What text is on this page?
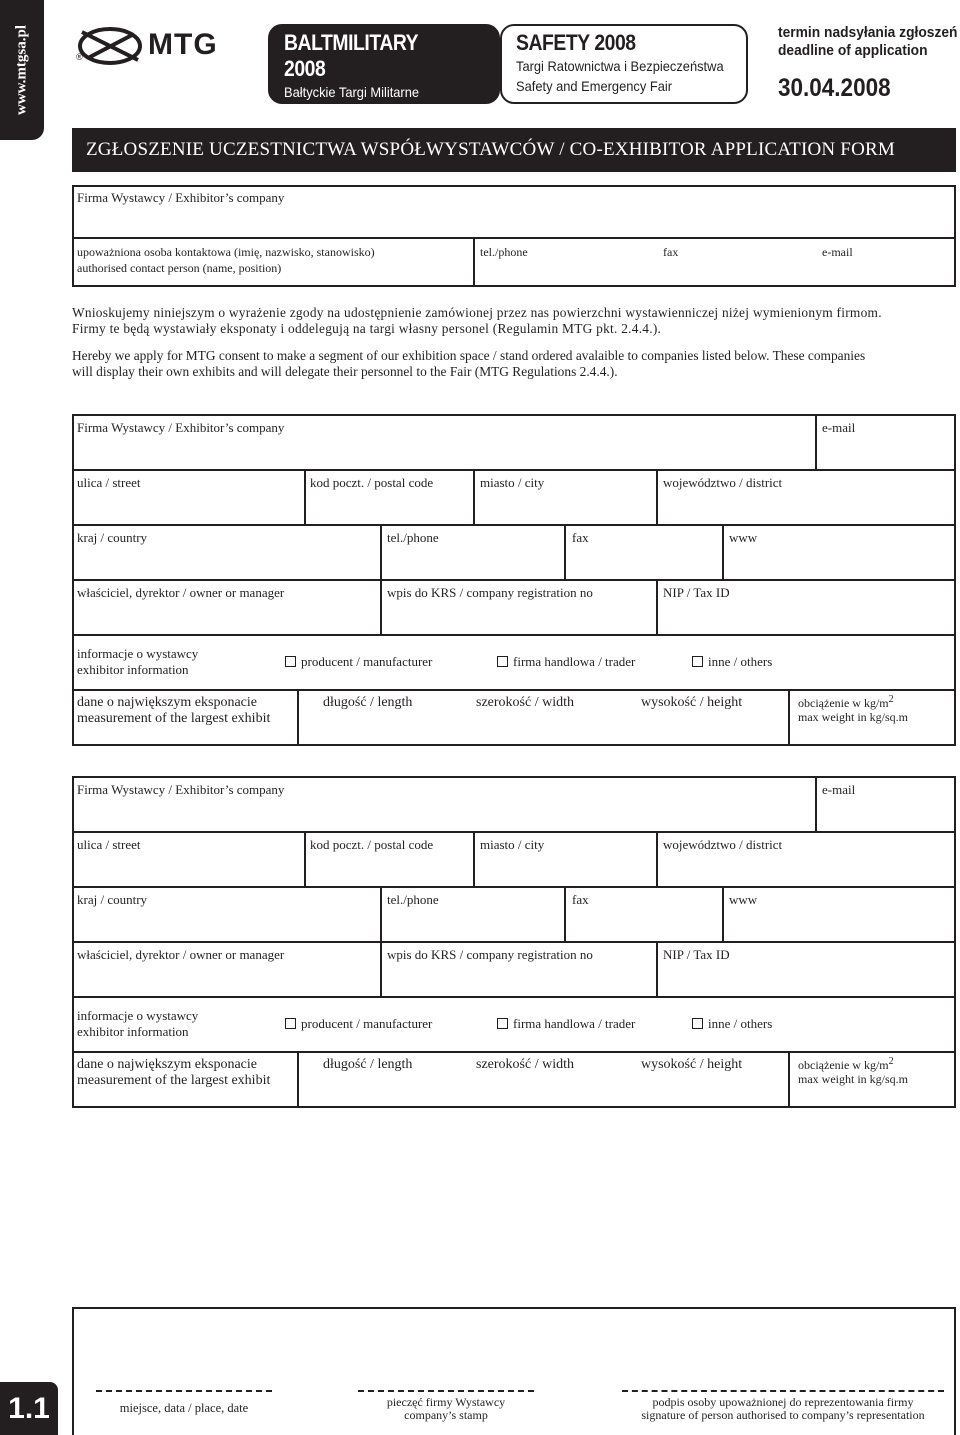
www.mtgsa.pl	® MTG	BALTMILITARY 2008
Bałtyckie Targi Militarne
Baltic Military Fair
SAFETY 2008
Targi Ratownictwa i Bezpieczeństwa
Safety and Emergency Fair
termin nadsyłania zgłoszeń
deadline of application
30.04.2008
ZGŁOSZENIE UCZESTNICTWA WSPÓŁWYSTAWCÓW / CO-EXHIBITOR APPLICATION FORM
Firma Wystawcy / Exhibitor’s company
upoważniona osoba kontaktowa (imię, nazwisko, stanowisko)
authorised contact person (name, position)
tel./phone	fax	e-mail
Wnioskujemy niniejszym o wyrażenie zgody na udostępnienie zamówionej przez nas powierzchni wystawienniczej niżej wymienionym firmom.
Firmy te będą wystawiały eksponaty i oddelegują na targi własny personel (Regulamin MTG pkt. 2.4.4.).
Hereby we apply for MTG consent to make a segment of our exhibition space / stand ordered avalaible to companies listed below. These companies
will display their own exhibits and will delegate their personnel to the Fair (MTG Regulations 2.4.4.).
Firma Wystawcy / Exhibitor’s company	e-mail
ulica / street	kod poczt. / postal code	miasto / city	województwo / district
kraj / country	tel./phone	fax	www
właściciel, dyrektor / owner or manager	wpis do KRS / company registration no	NIP / Tax ID
informacje o wystawcy
exhibitor information
producent / manufacturer	firma handlowa / trader	inne / others
dane o największym eksponacie
measurement of the largest exhibit
długość / length	szerokość / width	wysokość / height	obciążenie w $kg/m^2$
max weight in kg/sq.m
Firma Wystawcy / Exhibitor’s company	e-mail
ulica / street	kod poczt. / postal code	miasto / city	województwo / district
kraj / country	tel./phone	fax	www
właściciel, dyrektor / owner or manager	wpis do KRS / company registration no	NIP / Tax ID
informacje o wystawcy
exhibitor information
producent / manufacturer	firma handlowa / trader	inne / others
dane o największym eksponacie
measurement of the largest exhibit
długość / length	szerokość / width	wysokość / height	obciążenie w $kg/m^2$
max weight in kg/sq.m
1.1	miejsce, data / place, date	pieczęć firmy Wystawcy
company’s stamp
podpis osoby upoważnionej do reprezentowania firmy
signature of person authorised to company’s representation
